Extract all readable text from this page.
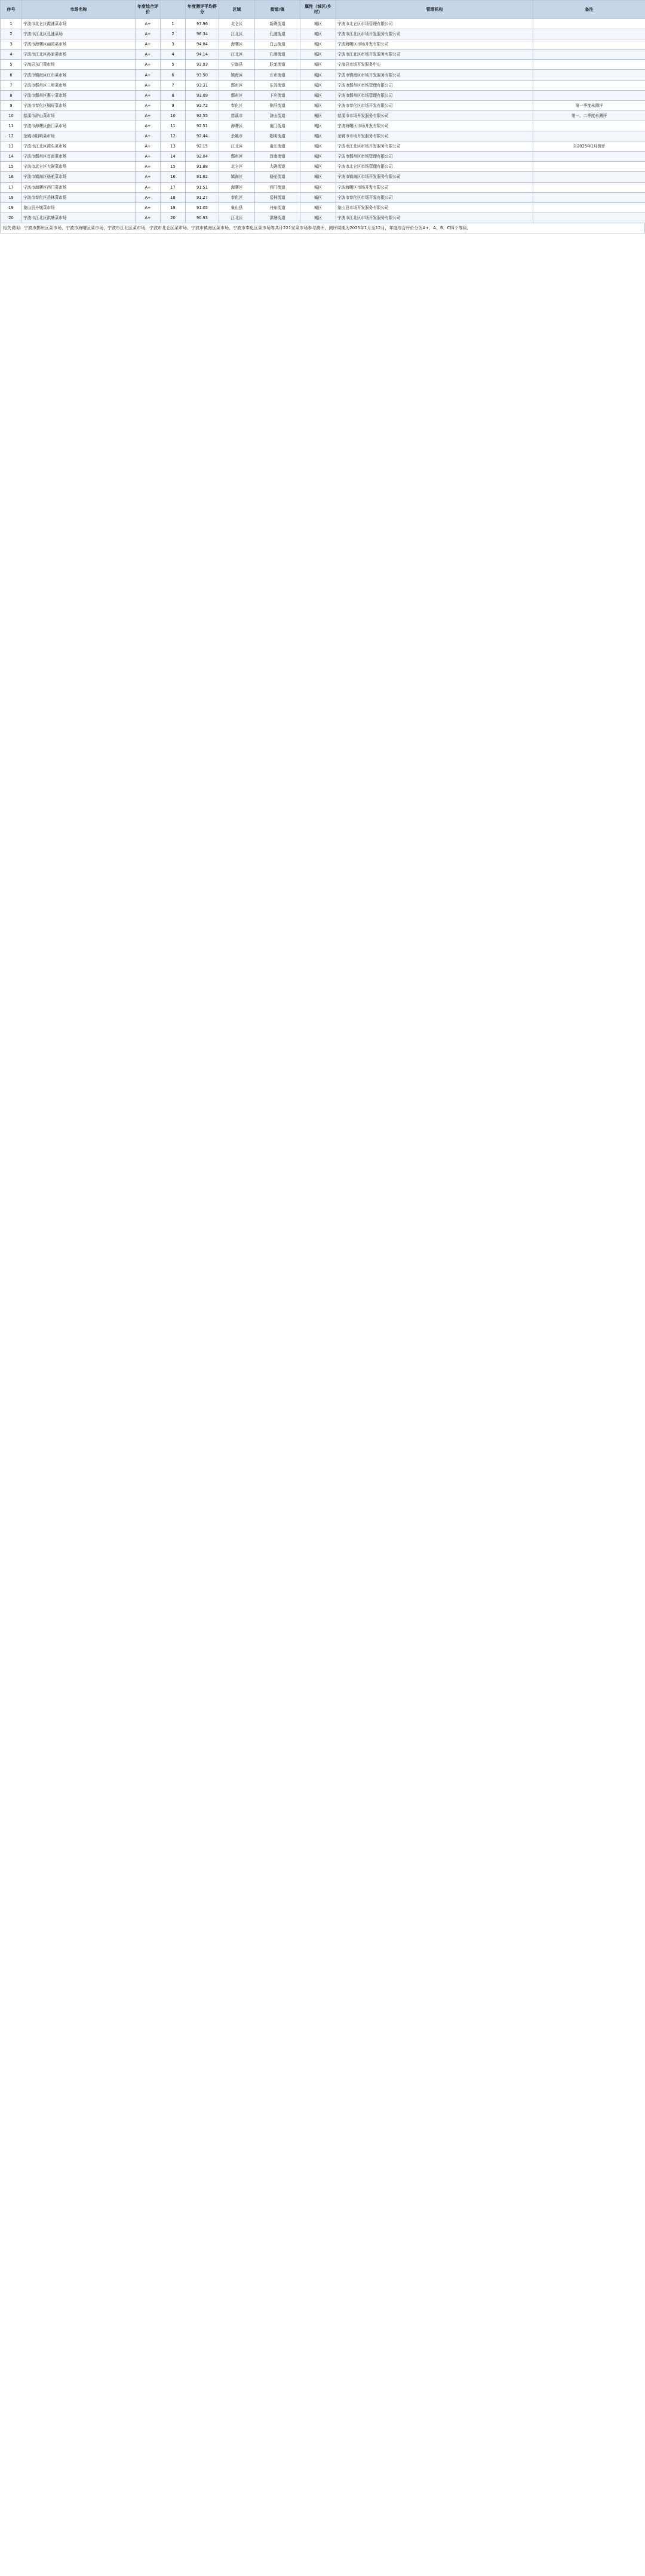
序号	市场名称	年度综合评价		年度测评平均得分	区域	街道/镇	属性（城区/乡村）	管理机构	备注
1	宁波市北仑区霞浦菜市场	A+	1	97.96	北仑区	新碶街道	城区	宁波市北仑区市场管理有限公司	
2	宁波市江北区孔浦菜场	A+	2	96.34	江北区	孔浦街道	城区	宁波市江北区市场开发服务有限公司	
3	宁波市海曙区丽园菜市场	A+	3	94.84	海曙区	白云街道	城区	宁波海曙区市场开发有限公司	
4	宁波市江北区孙家菜市场	A+	4	94.14	江北区	孔浦街道	城区	宁波市江北区市场开发服务有限公司	
5	宁海县东门菜市场	A+	5	93.93	宁海县	跃龙街道	城区	宁海县市场开发服务中心	
6	宁波市镇海区庄市菜市场	A+	6	93.50	镇海区	庄市街道	城区	宁波市镇海区市场开发服务有限公司	
7	宁波市鄞州区三里菜市场	A+	7	93.31	鄞州区	东郊街道	城区	宁波市鄞州区市场管理有限公司	
8	宁波市鄞州区惠宁菜市场	A+	8	93.09	鄞州区	下应街道	城区	宁波市鄞州区市场管理有限公司	
9	宁波市奉化区锦屏菜市场	A+	9	92.72	奉化区	锦屏街道	城区	宁波市奉化区市场开发有限公司	第一季度未测评
10	慈溪市浒山菜市场	A+	10	92.55	慈溪市	浒山街道	城区	慈溪市市场开发服务有限公司	第一、二季度未测评
11	宁波市海曙区南门菜市场	A+	11	92.51	海曙区	南门街道	城区	宁波海曙区市场开发有限公司	
12	余姚市阳明菜市场	A+	12	92.44	余姚市	阳明街道	城区	余姚市市场开发服务有限公司	
13	宁波市江北区湾头菜市场	A+	13	92.15	江北区	甬江街道	城区	宁波市江北区市场开发服务有限公司	自2025年1月测评
14	宁波市鄞州区首南菜市场	A+	14	92.04	鄞州区	首南街道	城区	宁波市鄞州区市场管理有限公司	
15	宁波市北仑区大碶菜市场	A+	15	91.88	北仑区	大碶街道	城区	宁波市北仑区市场管理有限公司	
16	宁波市镇海区骆驼菜市场	A+	16	91.62	镇海区	骆驼街道	城区	宁波市镇海区市场开发服务有限公司	
17	宁波市海曙区西门菜市场	A+	17	91.51	海曙区	西门街道	城区	宁波海曙区市场开发有限公司	
18	宁波市奉化区岳林菜市场	A+	18	91.27	奉化区	岳林街道	城区	宁波市奉化区市场开发有限公司	
19	象山县丹城菜市场	A+	19	91.05	象山县	丹东街道	城区	象山县市场开发服务有限公司	
20	宁波市江北区洪塘菜市场	A+	20	90.93	江北区	洪塘街道	城区	宁波市江北区市场开发服务有限公司	
相关说明：宁波市鄞州区菜市场、宁波市海曙区菜市场、宁波市江北区菜市场、宁波市北仑区菜市场、宁波市镇海区菜市场、宁波市奉化区菜市场等共计221家菜市场参与测评，测评周期为2025年1月至12月，年度综合评价分为A+、A、B、C四个等级。
